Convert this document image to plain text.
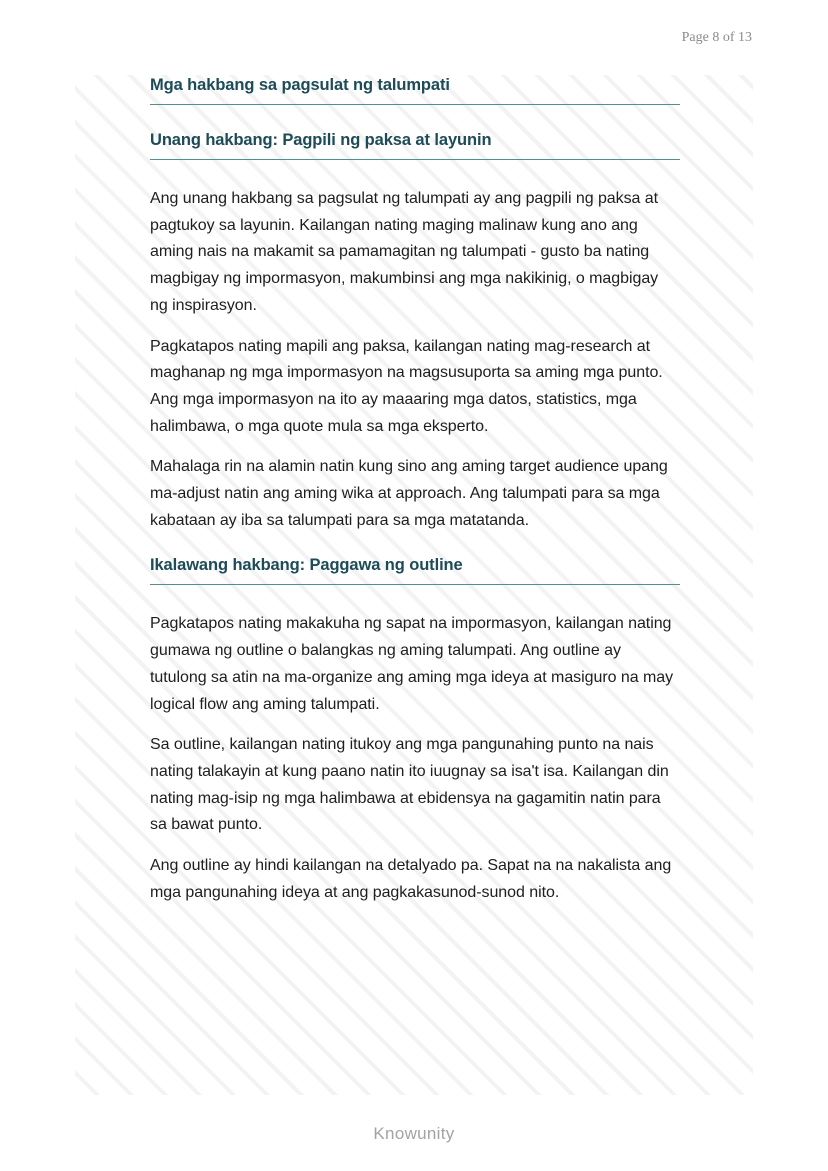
Page 8 of 13
Mga hakbang sa pagsulat ng talumpati
Unang hakbang: Pagpili ng paksa at layunin

Ang unang hakbang sa pagsulat ng talumpati ay ang pagpili ng paksa at pagtukoy sa layunin. Kailangan nating maging malinaw kung ano ang aming nais na makamit sa pamamagitan ng talumpati - gusto ba nating magbigay ng impormasyon, makumbinsi ang mga nakikinig, o magbigay ng inspirasyon.

Pagkatapos nating mapili ang paksa, kailangan nating mag-research at maghanap ng mga impormasyon na magsusuporta sa aming mga punto. Ang mga impormasyon na ito ay maaaring mga datos, statistics, mga halimbawa, o mga quote mula sa mga eksperto.

Mahalaga rin na alamin natin kung sino ang aming target audience upang ma-adjust natin ang aming wika at approach. Ang talumpati para sa mga kabataan ay iba sa talumpati para sa mga matatanda.

Ikalawang hakbang: Paggawa ng outline

Pagkatapos nating makakuha ng sapat na impormasyon, kailangan nating gumawa ng outline o balangkas ng aming talumpati. Ang outline ay tutulong sa atin na ma-organize ang aming mga ideya at masiguro na may logical flow ang aming talumpati.

Sa outline, kailangan nating itukoy ang mga pangunahing punto na nais nating talakayin at kung paano natin ito iuugnay sa isa't isa. Kailangan din nating mag-isip ng mga halimbawa at ebidensya na gagamitin natin para sa bawat punto.

Ang outline ay hindi kailangan na detalyado pa. Sapat na na nakalista ang mga pangunahing ideya at ang pagkakasunod-sunod nito.

Knowunity
